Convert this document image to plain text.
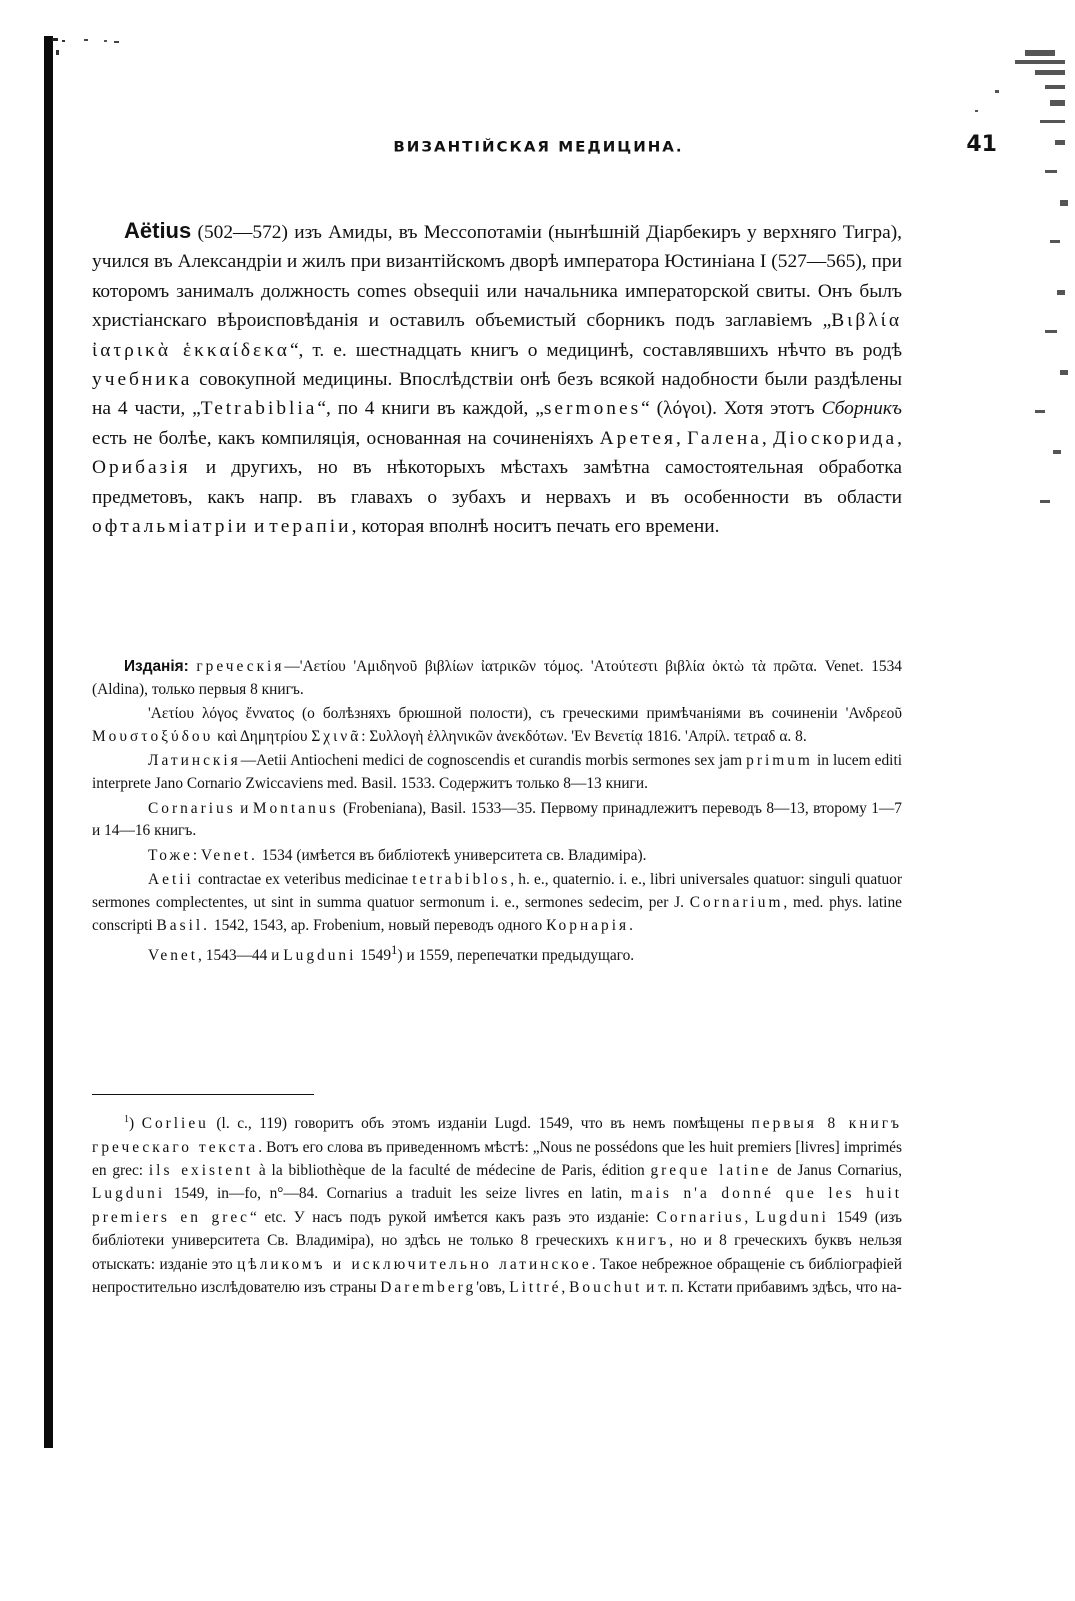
ВИЗАНТІЙСКАЯ МЕДИЦИНА.	41
Aëtius (502—572) изъ Амиды, въ Мессопотаміи (нынѣшній Діарбекиръ у верхняго Тигра), учился въ Александріи и жилъ при византійскомъ дворѣ императора Юстиніана I (527—565), при которомъ занималъ должность comes obsequii или начальника императорской свиты. Онъ былъ христіанскаго вѣроисповѣданія и оставилъ объемистый сборникъ подъ заглавіемъ „Βιβλία ἰατρικὰ ἑκκαίδεκα“, т. е. шестнадцать книгъ о медицинѣ, составлявшихъ нѣчто въ родѣ учебника совокупной медицины. Впослѣдствіи онѣ безъ всякой надобности были раздѣлены на 4 части, „Tetrabiblia“, по 4 книги въ каждой, „sermones“ (λόγοι). Хотя этотъ Сборникъ есть не болѣе, какъ компиляція, основанная на сочиненіяхъ Аретея, Галена, Діоскорида, Орибазія и другихъ, но въ нѣкоторыхъ мѣстахъ замѣтна самостоятельная обработка предметовъ, какъ напр. въ главахъ о зубахъ и нервахъ и въ особенности въ области офтальміатріи и терапіи, которая вполнѣ носитъ печать его времени.

Изданія: греческія—'Αετίου 'Αμιδηνοῦ βιβλίων ἰατρικῶν τόμος. 'Ατούτεστι βιβλία ὀκτὼ τὰ πρῶτα. Venet. 1534 (Aldina), только первыя 8 книгъ.

'Αετίου λόγος ἔννατος (о болѣзняхъ брюшной полости), съ греческими примѣчаніями въ сочиненіи 'Ανδρεοῦ Μουστοξύδου καὶ Δημητρίου Σχινᾶ: Συλλογὴ ἑλληνικῶν ἀνεκδότων. 'Εν Βενετίᾳ 1816. 'Απρίλ. τετραδ α. 8.

Латинскія—Aetii Antiocheni medici de cognoscendis et curandis morbis sermones sex jam primum in lucem editi interprete Jano Cornario Zwiccaviens med. Basil. 1533. Содержитъ только 8—13 книги.

Cornarius и Montanus (Frobeniana), Basil. 1533—35. Первому принадлежитъ переводъ 8—13, второму 1—7 и 14—16 книгъ.

Тоже: Venet. 1534 (имѣется въ библіотекѣ университета св. Владиміра).

Aetii contractae ex veteribus medicinae tetrabiblos, h. e., quaternio. i. e., libri universales quatuor: singuli quatuor sermones complectentes, ut sint in summa quatuor sermonum i. e., sermones sedecim, per J. Cornarium, med. phys. latine conscripti Basil. 1542, 1543, ap. Frobenium, новый переводъ одного Корнарія.

Venet, 1543—44 и Lugduni 1549$^1$) и 1559, перепечатки предыдущаго.

$^1$) Corlieu (l. c., 119) говоритъ объ этомъ изданіи Lugd. 1549, что въ немъ помѣщены первыя 8 книгъ греческаго текста. Вотъ его слова въ приведенномъ мѣстѣ: „Nous ne possédons que les huit premiers [livres] imprimés en grec: ils existent à la bibliothèque de la faculté de médecine de Paris, édition greque latine de Janus Cornarius, Lugduni 1549, in—fo, n°—84. Cornarius a traduit les seize livres en latin, mais n'a donné que les huit premiers en grec“ etc. У насъ подъ рукой имѣется какъ разъ это изданіе: Cornarius, Lugduni 1549 (изъ библіотеки университета Св. Владиміра), но здѣсь не только 8 греческихъ книгъ, но и 8 греческихъ буквъ нельзя отыскать: изданіе это цѣликомъ и исключительно латинское. Такое небрежное обращеніе съ библіографіей непростительно изслѣдователю изъ страны Daremberg'овъ, Littré, Bouchut и т. п. Кстати прибавимъ здѣсь, что на-
